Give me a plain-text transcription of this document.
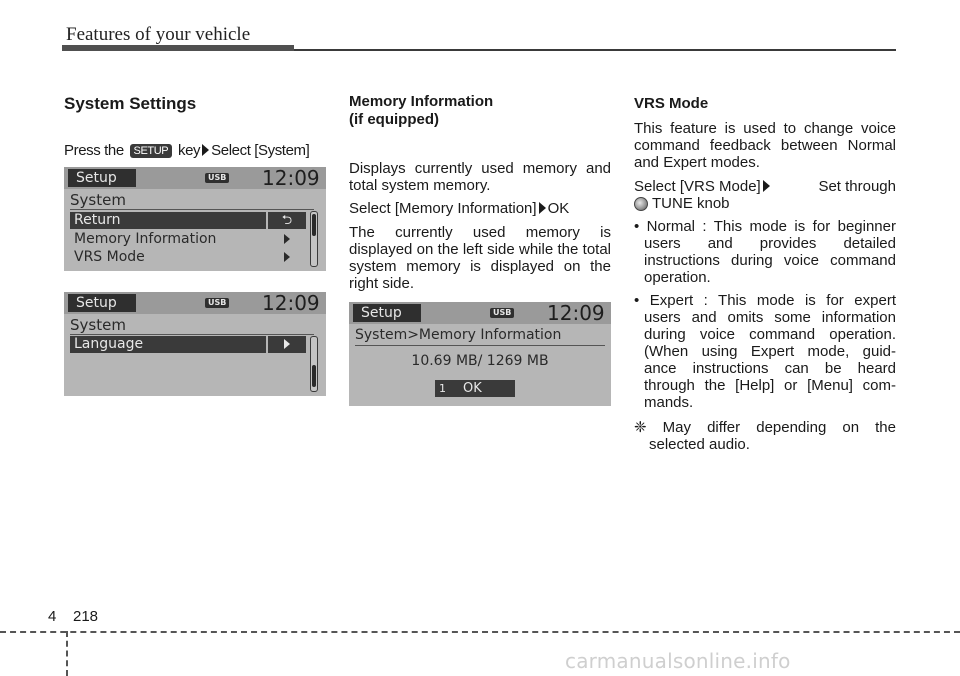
Features of your vehicle
System Settings
Press the SETUP key Select [System]
Setup	USB 12:09
System
Return	⮌
Memory Information
VRS Mode
Setup	USB 12:09
System
Language
Memory Information
(if equipped)
Displays currently used memory and total system memory.
Select [Memory Information] OK
The currently used memory is displayed on the left side while the total system memory is displayed on the right side.
Setup	USB 12:09
System>Memory Information
10.69 MB/ 1269 MB
1 OK
VRS Mode
This feature is used to change voice command feedback between Normal and Expert modes.
Select [VRS Mode]	Set through
TUNE knob
• Normal : This mode is for beginner
users and provides detailed
instructions during voice command
operation.
• Expert : This mode is for expert
users and omits some information
during voice command operation.
(When using Expert mode, guid-
ance instructions can be heard
through the [Help] or [Menu] com-
mands.
❈ May differ depending on the
selected audio.
4 218
carmanualsonline.info
